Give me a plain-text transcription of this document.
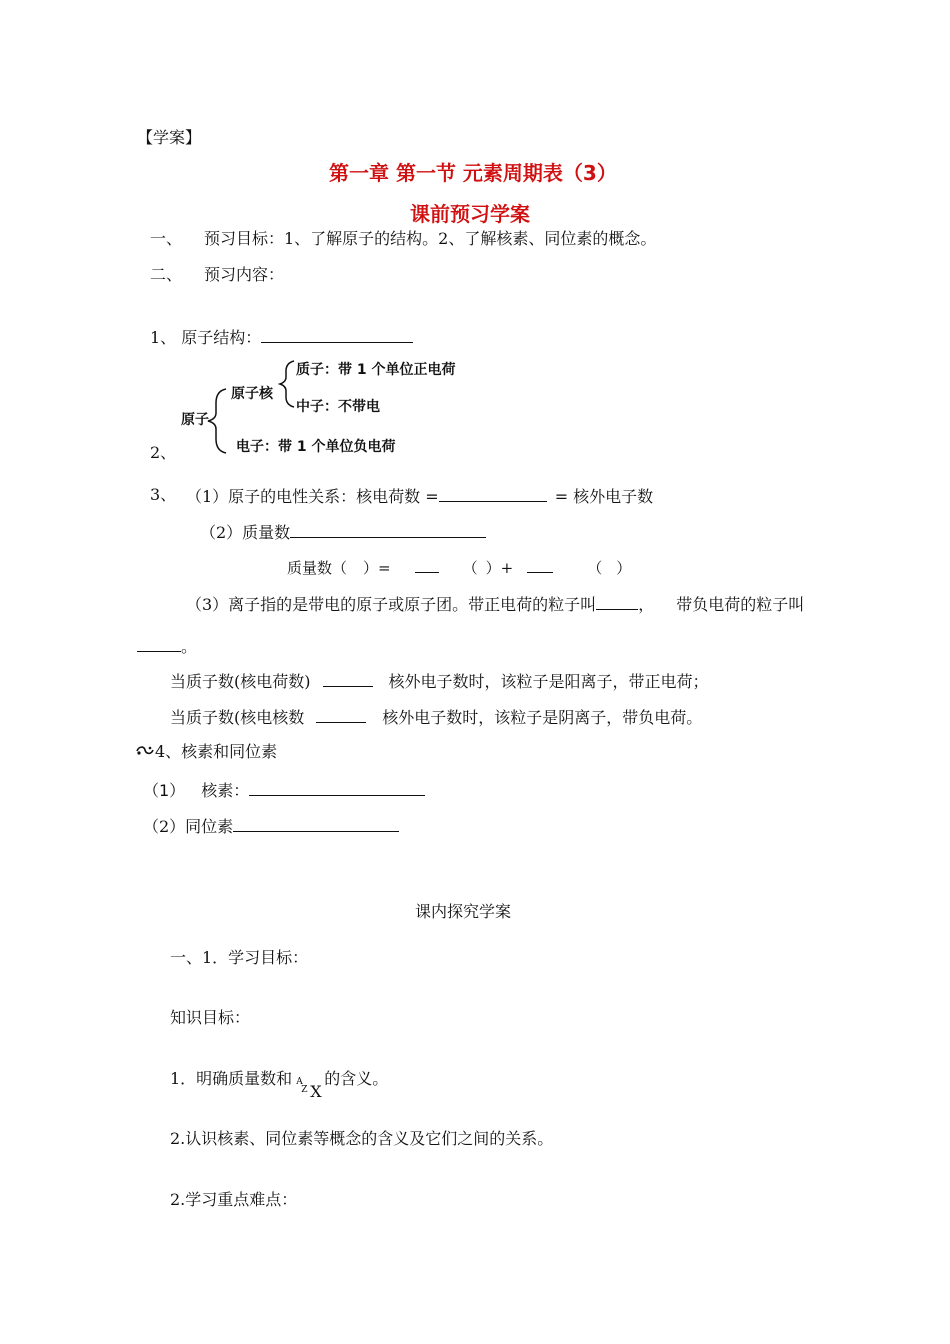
【学案】
第一章 第一节 元素周期表（3）
课前预习学案
一、 预习目标：1、了解原子的结构。2、了解核素、同位素的概念。
二、 预习内容：
1、 原子结构：
原子
原子核
质子：带 1 个单位正电荷
中子：不带电
电子：带 1 个单位负电荷
2、
3、 （1）原子的电性关系：核电荷数 =	= 核外电子数
（2）质量数
质量数（ ）=	（ ）+	（ ）
（3）离子指的是带电的原子或原子团。带正电荷的粒子叫	， 带负电荷的粒子叫
。
当质子数(核电荷数)	核外电子数时，该粒子是阳离子，带正电荷；
当质子数(核电核数	核外电子数时，该粒子是阴离子，带负电荷。
4、核素和同位素
（1） 核素：
（2）同位素
课内探究学案
一、1．学习目标：
知识目标：
1．明确质量数和 A
Z X
的含义。
2.认识核素、同位素等概念的含义及它们之间的关系。
2.学习重点难点：
